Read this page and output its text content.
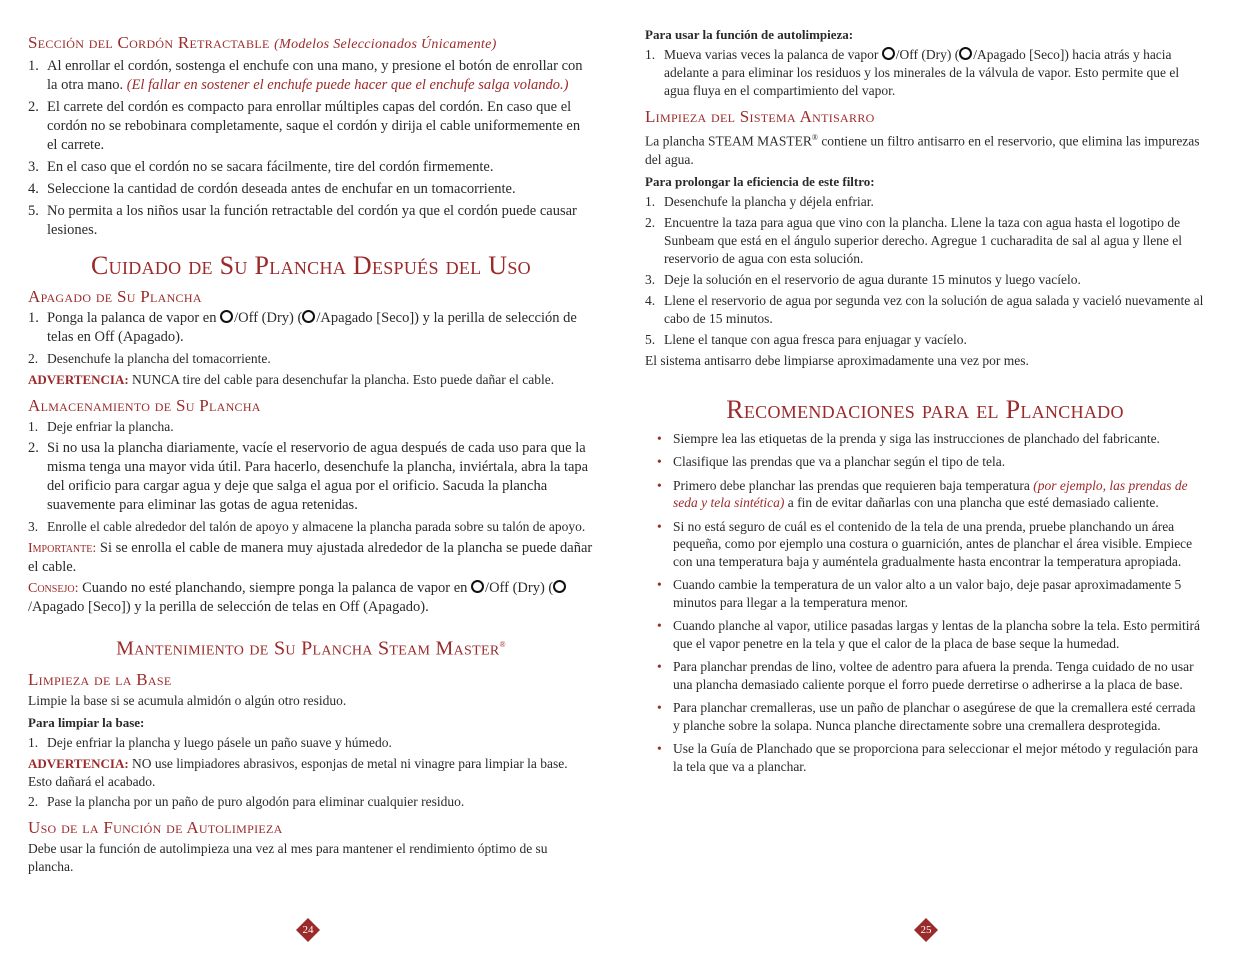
Sección del Cordón Retractable (Modelos Seleccionados Únicamente)
1. Al enrollar el cordón, sostenga el enchufe con una mano, y presione el botón de enrollar con la otra mano. (El fallar en sostener el enchufe puede hacer que el enchufe salga volando.)
2. El carrete del cordón es compacto para enrollar múltiples capas del cordón. En caso que el cordón no se rebobinara completamente, saque el cordón y dirija el cable uniformemente en el carrete.
3. En el caso que el cordón no se sacara fácilmente, tire del cordón firmemente.
4. Seleccione la cantidad de cordón deseada antes de enchufar en un tomacorriente.
5. No permita a los niños usar la función retractable del cordón ya que el cordón puede causar lesiones.
Cuidado de Su Plancha Después del Uso
Apagado de Su Plancha
1. Ponga la palanca de vapor en /Off (Dry) ( /Apagado [Seco]) y la perilla de selección de telas en Off (Apagado).
2. Desenchufe la plancha del tomacorriente.

ADVERTENCIA: NUNCA tire del cable para desenchufar la plancha. Esto puede dañar el cable.

Almacenamiento de Su Plancha
1. Deje enfriar la plancha.
2. Si no usa la plancha diariamente, vacíe el reservorio de agua después de cada uso para que la misma tenga una mayor vida útil. Para hacerlo, desenchufe la plancha, inviértala, abra la tapa del orificio para cargar agua y deje que salga el agua por el orificio. Sacuda la plancha suavemente para eliminar las gotas de agua retenidas.
3. Enrolle el cable alrededor del talón de apoyo y almacene la plancha parada sobre su talón de apoyo.

Importante: Si se enrolla el cable de manera muy ajustada alrededor de la plancha se puede dañar el cable.

Consejo: Cuando no esté planchando, siempre ponga la palanca de vapor en /Off (Dry) (/Apagado [Seco]) y la perilla de selección de telas en Off (Apagado).

Mantenimiento de Su Plancha Steam Master®
Limpieza de la Base

Limpie la base si se acumula almidón o algún otro residuo.

Para limpiar la base:

1. Deje enfriar la plancha y luego pásele un paño suave y húmedo.

ADVERTENCIA: NO use limpiadores abrasivos, esponjas de metal ni vinagre para limpiar la base. Esto dañará el acabado.

2. Pase la plancha por un paño de puro algodón para eliminar cualquier residuo.
Uso de la Función de Autolimpieza

Debe usar la función de autolimpieza una vez al mes para mantener el rendimiento óptimo de su plancha.

24

Para usar la función de autolimpieza:

1. Mueva varias veces la palanca de vapor /Off (Dry) ( /Apagado [Seco]) hacia atrás y hacia adelante a para eliminar los residuos y los minerales de la válvula de vapor. Esto permite que el agua fluya en el compartimiento del vapor.
Limpieza del Sistema Antisarro

La plancha STEAM MASTER® contiene un filtro antisarro en el reservorio, que elimina las impurezas del agua.

Para prolongar la eficiencia de este filtro:

1. Desenchufe la plancha y déjela enfriar.
2. Encuentre la taza para agua que vino con la plancha. Llene la taza con agua hasta el logotipo de Sunbeam que está en el ángulo superior derecho. Agregue 1 cucharadita de sal al agua y llene el reservorio de agua con esta solución.
3. Deje la solución en el reservorio de agua durante 15 minutos y luego vacíelo.
4. Llene el reservorio de agua por segunda vez con la solución de agua salada y vacieló nuevamente al cabo de 15 minutos.
5. Llene el tanque con agua fresca para enjuagar y vacíelo.

El sistema antisarro debe limpiarse aproximadamente una vez por mes.

Recomendaciones para el Planchado
• Siempre lea las etiquetas de la prenda y siga las instrucciones de planchado del fabricante.
• Clasifique las prendas que va a planchar según el tipo de tela.
• Primero debe planchar las prendas que requieren baja temperatura (por ejemplo, las prendas de seda y tela sintética) a fin de evitar dañarlas con una plancha que esté demasiado caliente.
• Si no está seguro de cuál es el contenido de la tela de una prenda, pruebe planchando un área pequeña, como por ejemplo una costura o guarnición, antes de planchar el área visible. Empiece con una temperatura baja y auméntela gradualmente hasta encontrar la temperatura apropiada.
• Cuando cambie la temperatura de un valor alto a un valor bajo, deje pasar aproximadamente 5 minutos para llegar a la temperatura menor.
• Cuando planche al vapor, utilice pasadas largas y lentas de la plancha sobre la tela. Esto permitirá que el vapor penetre en la tela y que el calor de la placa de base seque la humedad.
• Para planchar prendas de lino, voltee de adentro para afuera la prenda. Tenga cuidado de no usar una plancha demasiado caliente porque el forro puede derretirse o adherirse a la placa de base.
• Para planchar cremalleras, use un paño de planchar o asegúrese de que la cremallera esté cerrada y planche sobre la solapa. Nunca planche directamente sobre una cremallera desprotegida.
• Use la Guía de Planchado que se proporciona para seleccionar el mejor método y regulación para la tela que va a planchar.
25
